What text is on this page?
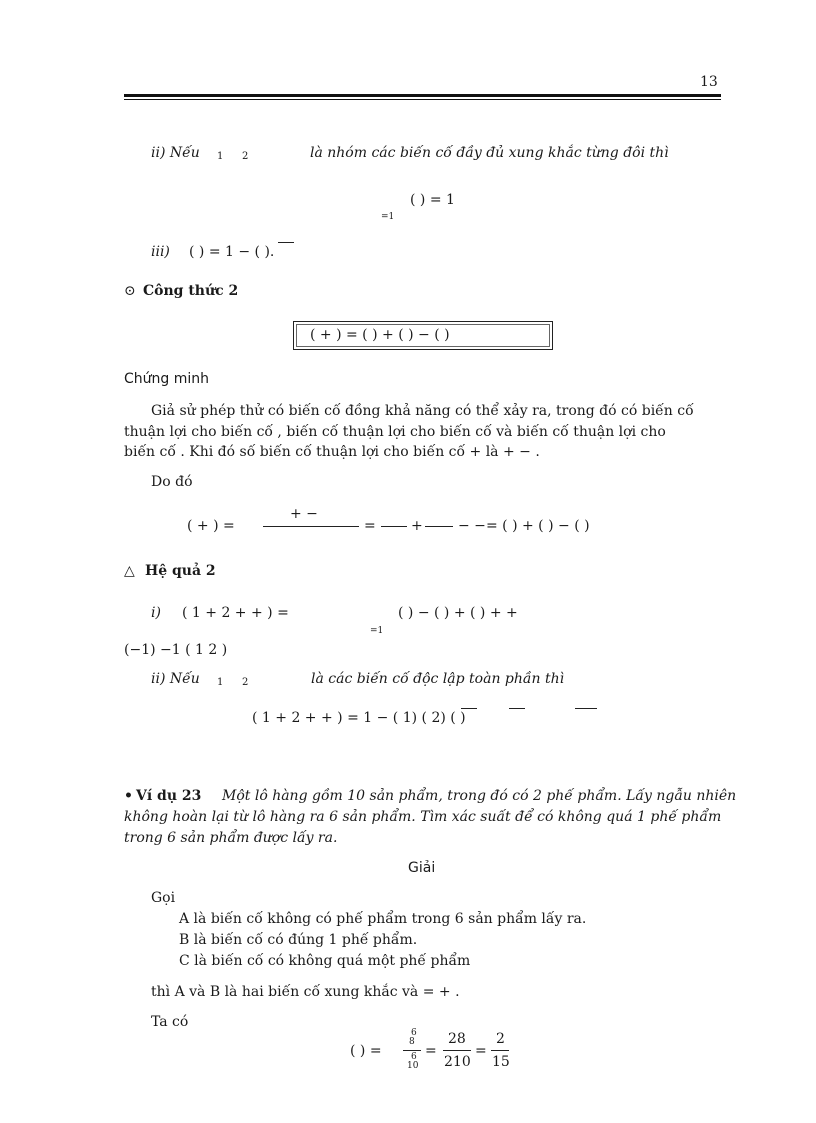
13
ii) Nếu 1 2	là nhóm các biến cố đầy đủ xung khắc từng đôi thì
( ) = 1
=1
iii) ( ) = 1 − ( ).
⊙ Công thức 2
( + ) = ( ) + ( ) − ( )
Chứng minh
Giả sử phép thử có biến cố đồng khả năng có thể xảy ra, trong đó có biến cố
thuận lợi cho biến cố , biến cố thuận lợi cho biến cố và biến cố thuận lợi cho
biến cố . Khi đó số biến cố thuận lợi cho biến cố + là + − .
Do đó
( + ) =
+ −
=	+	− − = ( ) + ( ) − ( )
△ Hệ quả 2
i) ( 1 + 2 + + ) =	( ) − ( ) + ( ) + +
=1
(−1) −1 ( 1 2 )
ii) Nếu 1 2	là các biến cố độc lập toàn phần thì
( 1 + 2 + + ) = 1 − ( 1) ( 2) ( )
• Ví dụ 23 Một lô hàng gồm 10 sản phẩm, trong đó có 2 phế phẩm. Lấy ngẫu nhiên
không hoàn lại từ lô hàng ra 6 sản phẩm. Tìm xác suất để có không quá 1 phế phẩm
trong 6 sản phẩm được lấy ra.
Giải
Gọi
A là biến cố không có phế phẩm trong 6 sản phẩm lấy ra.
B là biến cố có đúng 1 phế phẩm.
C là biến cố có không quá một phế phẩm
thì A và B là hai biến cố xung khắc và = + .
Ta có
( ) =
6
8
6
10
=
28
210
=
2
15
